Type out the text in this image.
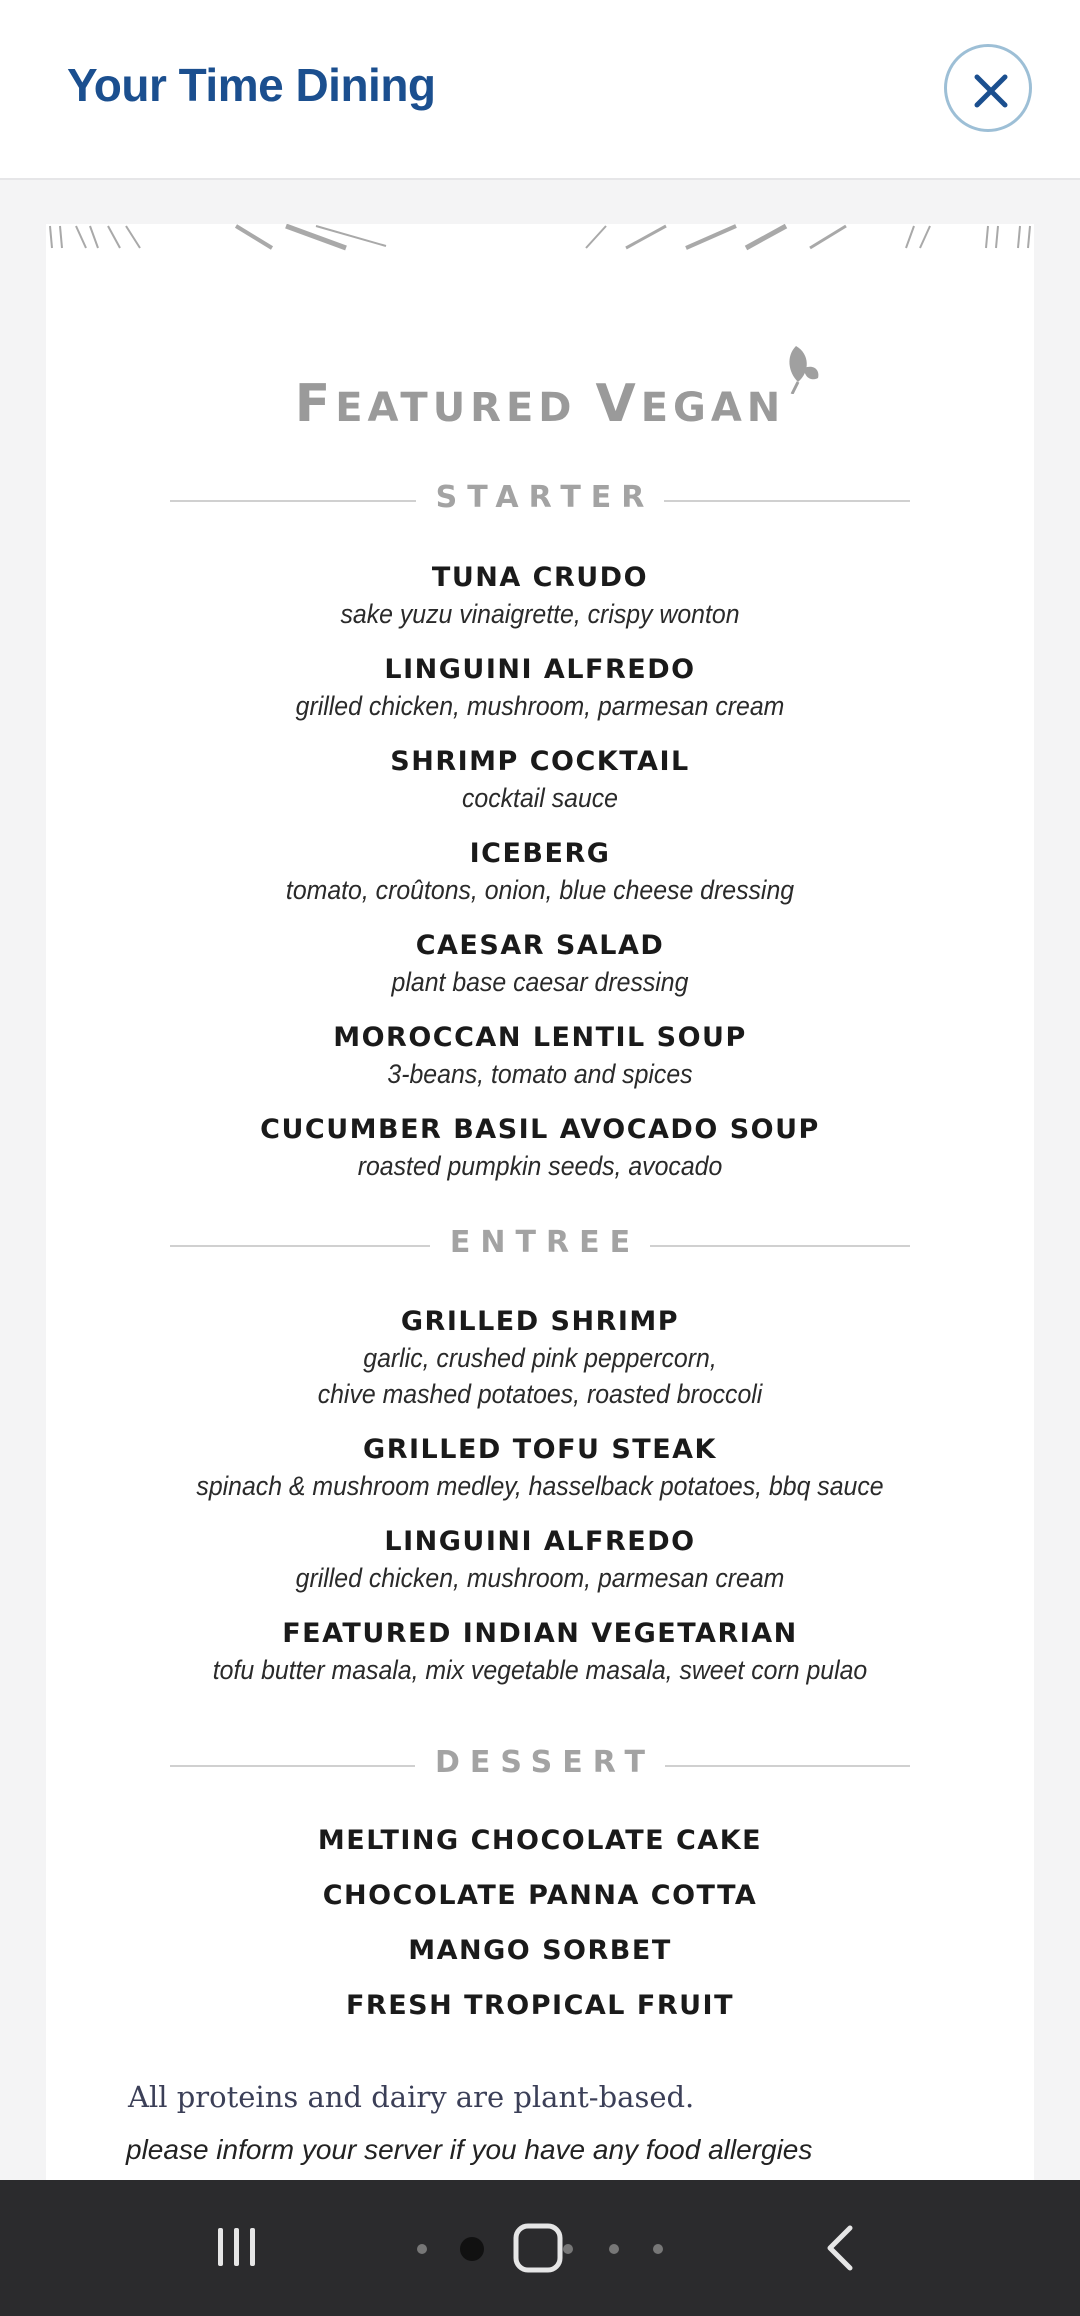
Your Time Dining
FEATURED VEGAN
STARTER
TUNA CRUDO
sake yuzu vinaigrette, crispy wonton
LINGUINI ALFREDO
grilled chicken, mushroom, parmesan cream
SHRIMP COCKTAIL
cocktail sauce
ICEBERG
tomato, croûtons, onion, blue cheese dressing
CAESAR SALAD
plant base caesar dressing
MOROCCAN LENTIL SOUP
3-beans, tomato and spices
CUCUMBER BASIL AVOCADO SOUP
roasted pumpkin seeds, avocado
ENTREE
GRILLED SHRIMP
garlic, crushed pink peppercorn,
chive mashed potatoes, roasted broccoli
GRILLED TOFU STEAK
spinach & mushroom medley, hasselback potatoes, bbq sauce
LINGUINI ALFREDO
grilled chicken, mushroom, parmesan cream
FEATURED INDIAN VEGETARIAN
tofu butter masala, mix vegetable masala, sweet corn pulao
DESSERT
MELTING CHOCOLATE CAKE
CHOCOLATE PANNA COTTA
MANGO SORBET
FRESH TROPICAL FRUIT
All proteins and dairy are plant-based.
please inform your server if you have any food allergies
